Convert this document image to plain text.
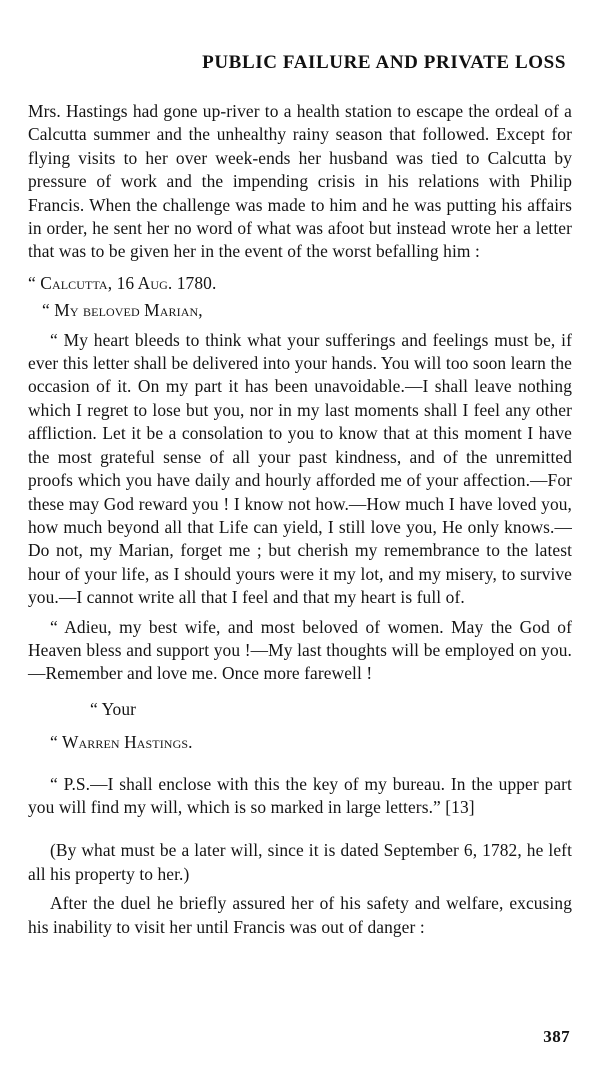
PUBLIC FAILURE AND PRIVATE LOSS

Mrs. Hastings had gone up-river to a health station to escape the ordeal of a Calcutta summer and the unhealthy rainy season that followed. Except for flying visits to her over week-ends her husband was tied to Calcutta by pressure of work and the impending crisis in his relations with Philip Francis. When the challenge was made to him and he was putting his affairs in order, he sent her no word of what was afoot but instead wrote her a letter that was to be given her in the event of the worst befalling him :

“ Calcutta, 16 Aug. 1780.

“ My beloved Marian,

“ My heart bleeds to think what your sufferings and feelings must be, if ever this letter shall be delivered into your hands. You will too soon learn the occasion of it. On my part it has been unavoidable.—I shall leave nothing which I regret to lose but you, nor in my last moments shall I feel any other affliction. Let it be a consolation to you to know that at this moment I have the most grateful sense of all your past kindness, and of the unremitted proofs which you have daily and hourly afforded me of your affection.—For these may God reward you ! I know not how.—How much I have loved you, how much beyond all that Life can yield, I still love you, He only knows.—Do not, my Marian, forget me ; but cherish my remembrance to the latest hour of your life, as I should yours were it my lot, and my misery, to survive you.—I cannot write all that I feel and that my heart is full of.

“ Adieu, my best wife, and most beloved of women. May the God of Heaven bless and support you !—My last thoughts will be employed on you.—Remember and love me. Once more farewell !

“ Your

“ Warren Hastings.

“ P.S.—I shall enclose with this the key of my bureau. In the upper part you will find my will, which is so marked in large letters.” [13]

(By what must be a later will, since it is dated September 6, 1782, he left all his property to her.)

After the duel he briefly assured her of his safety and welfare, excusing his inability to visit her until Francis was out of danger :

387
